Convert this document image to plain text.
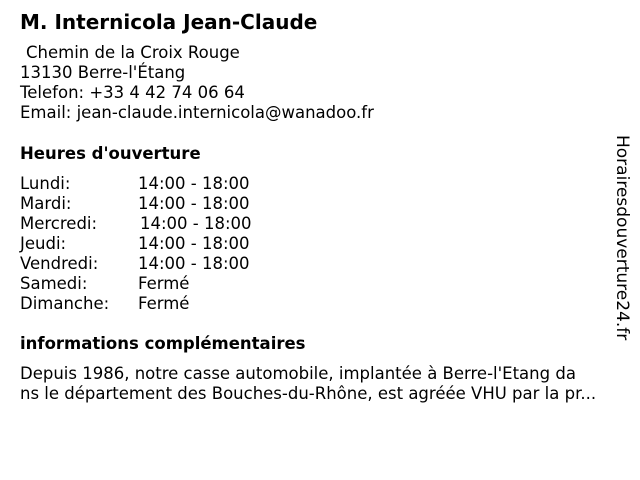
M. Internicola Jean-Claude
Chemin de la Croix Rouge
13130 Berre-l'Étang
Telefon: +33 4 42 74 06 64
Email: jean-claude.internicola@wanadoo.fr
Heures d'ouverture
Lundi:	14:00 - 18:00
Mardi:	14:00 - 18:00
Mercredi:	14:00 - 18:00
Jeudi:	14:00 - 18:00
Vendredi: 14:00 - 18:00
Samedi:	Fermé
Dimanche: Fermé
informations complémentaires
Depuis 1986, notre casse automobile, implantée à Berre-l'Etang da
ns le département des Bouches-du-Rhône, est agréée VHU par la pr...
Horairesdouverture24.fr
